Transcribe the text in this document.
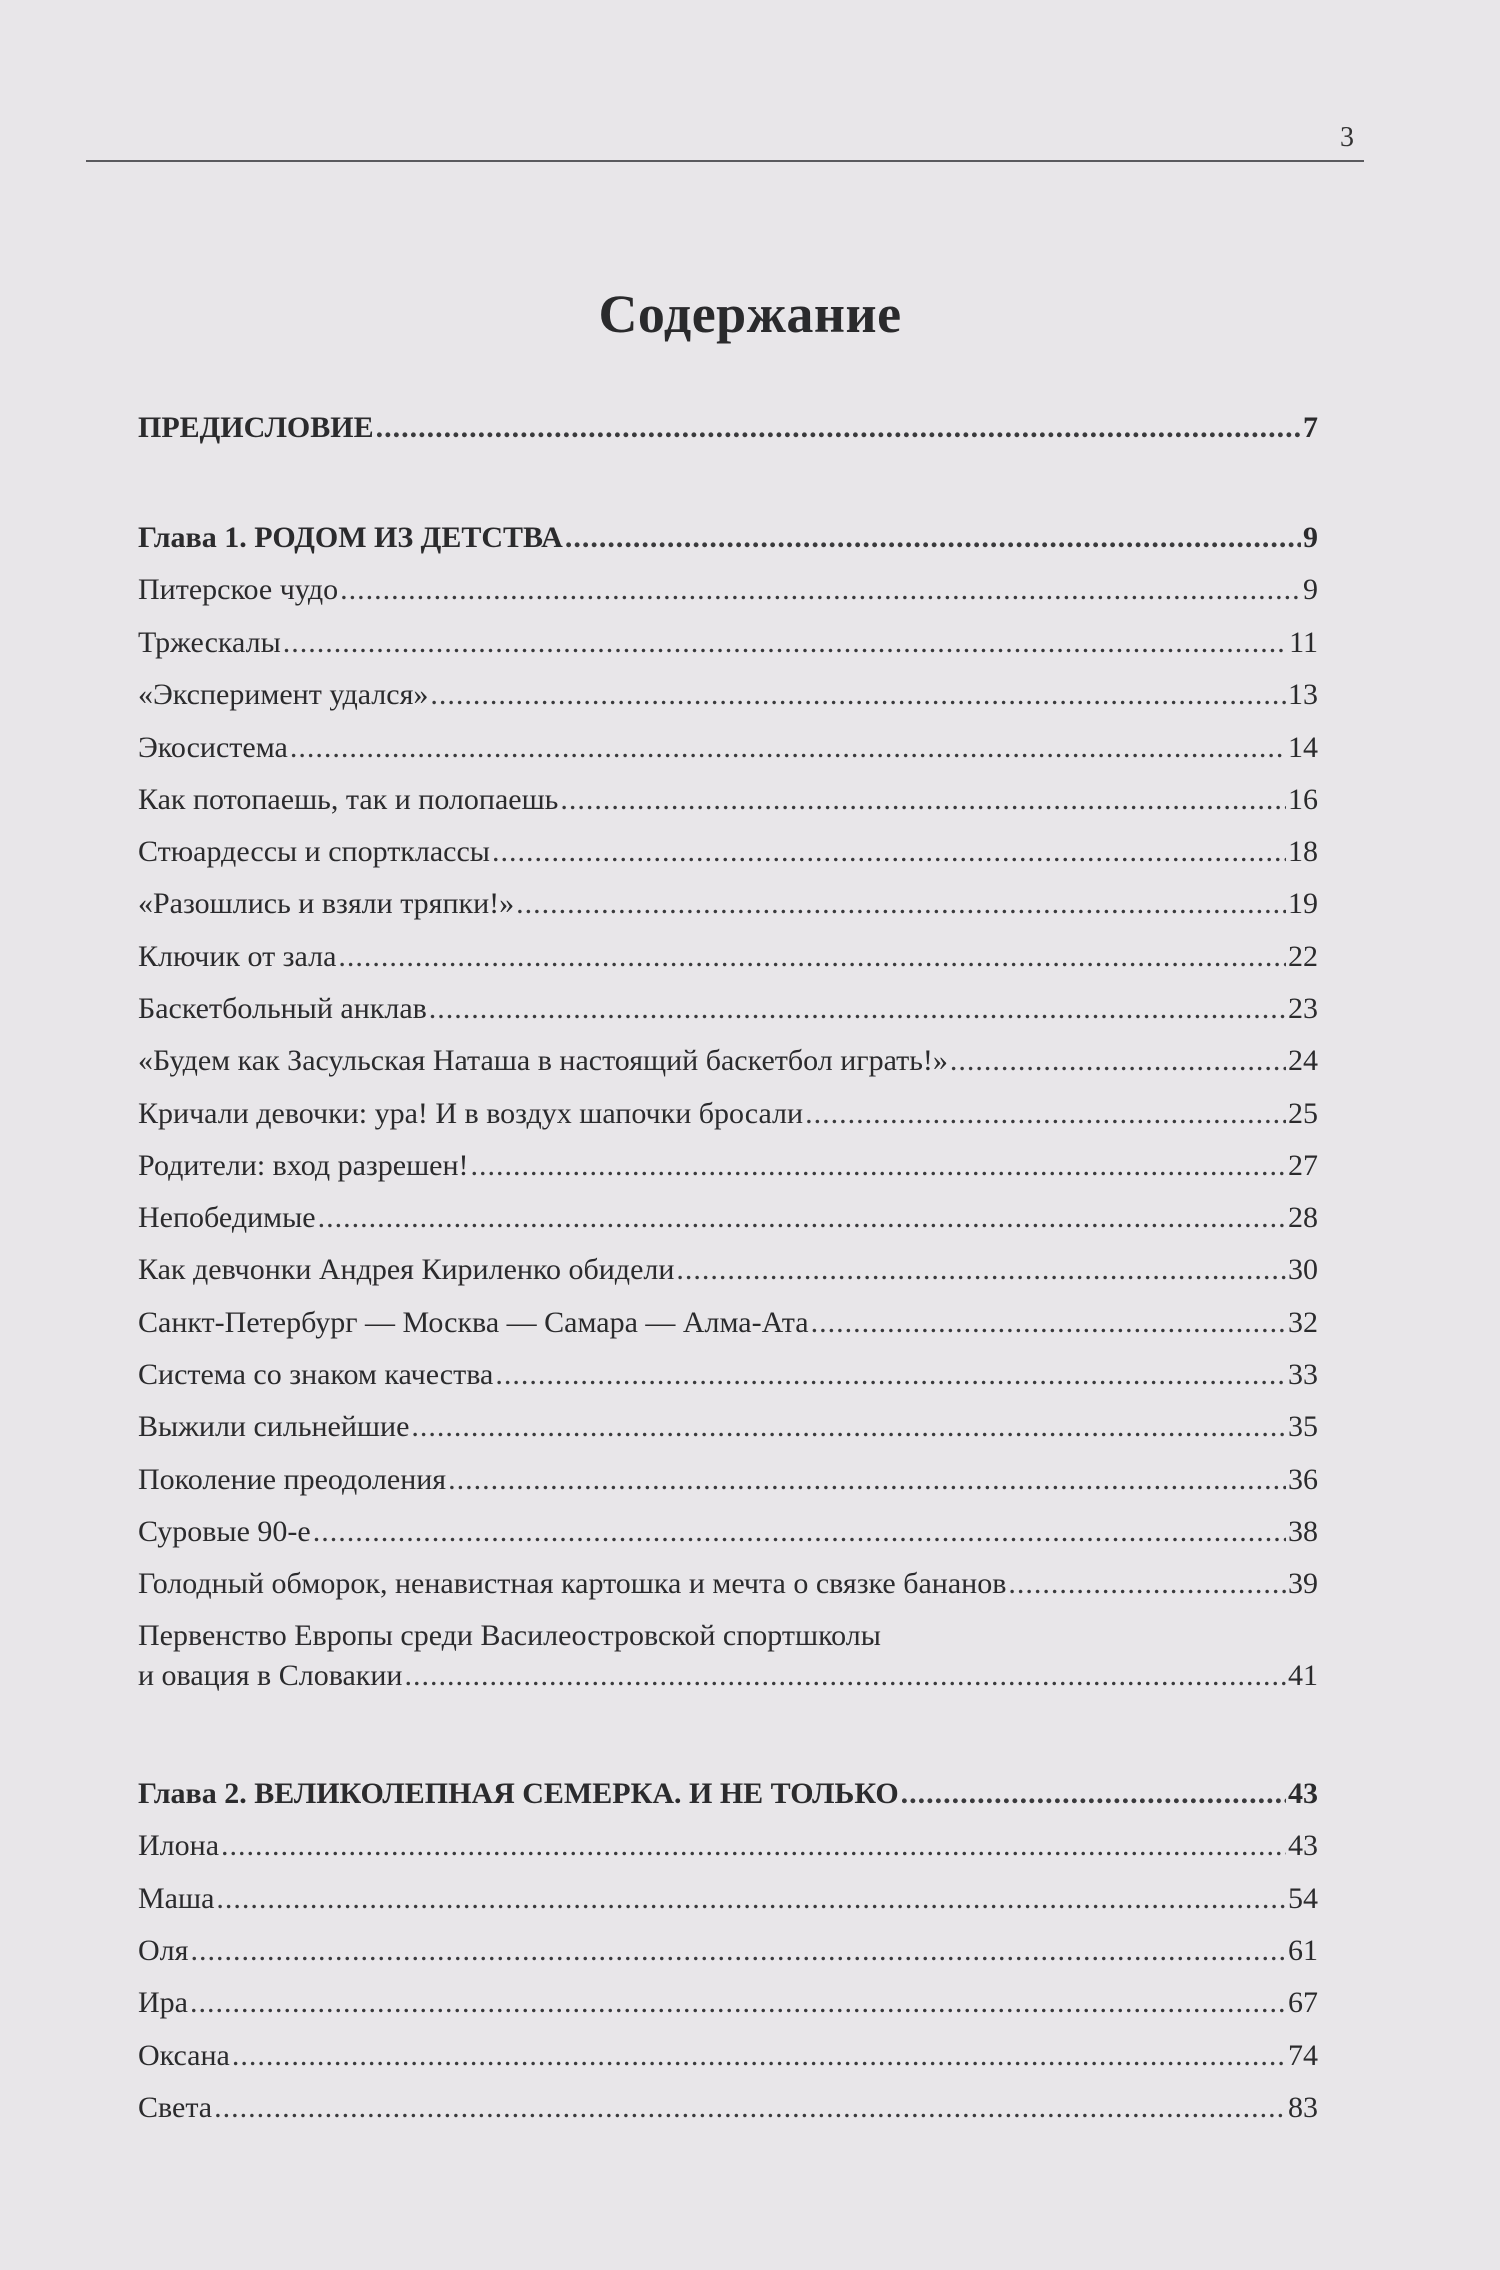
3
Содержание
ПРЕДИСЛОВИЕ .....	7
Глава 1. РОДОМ ИЗ ДЕТСТВА .....	9
Питерское чудо .....	9
Тржескалы .....	11
«Эксперимент удался» .....	13
Экосистема .....	14
Как потопаешь, так и полопаешь .....	16
Стюардессы и спортклассы .....	18
«Разошлись и взяли тряпки!» .....	19
Ключик от зала .....	22
Баскетбольный анклав .....	23
«Будем как Засульская Наташа в настоящий баскетбол играть!» .....	24
Кричали девочки: ура! И в воздух шапочки бросали .....	25
Родители: вход разрешен! .....	27
Непобедимые .....	28
Как девчонки Андрея Кириленко обидели .....	30
Санкт-Петербург — Москва — Самара — Алма-Ата .....	32
Система со знаком качества .....	33
Выжили сильнейшие .....	35
Поколение преодоления .....	36
Суровые 90-е .....	38
Голодный обморок, ненавистная картошка и мечта о связке бананов .....	39
Первенство Европы среди Василеостровской спортшколы
и овация в Словакии .....	41
Глава 2. ВЕЛИКОЛЕПНАЯ СЕМЕРКА. И НЕ ТОЛЬКО .....	43
Илона .....	43
Маша .....	54
Оля .....	61
Ира .....	67
Оксана .....	74
Света .....	83
